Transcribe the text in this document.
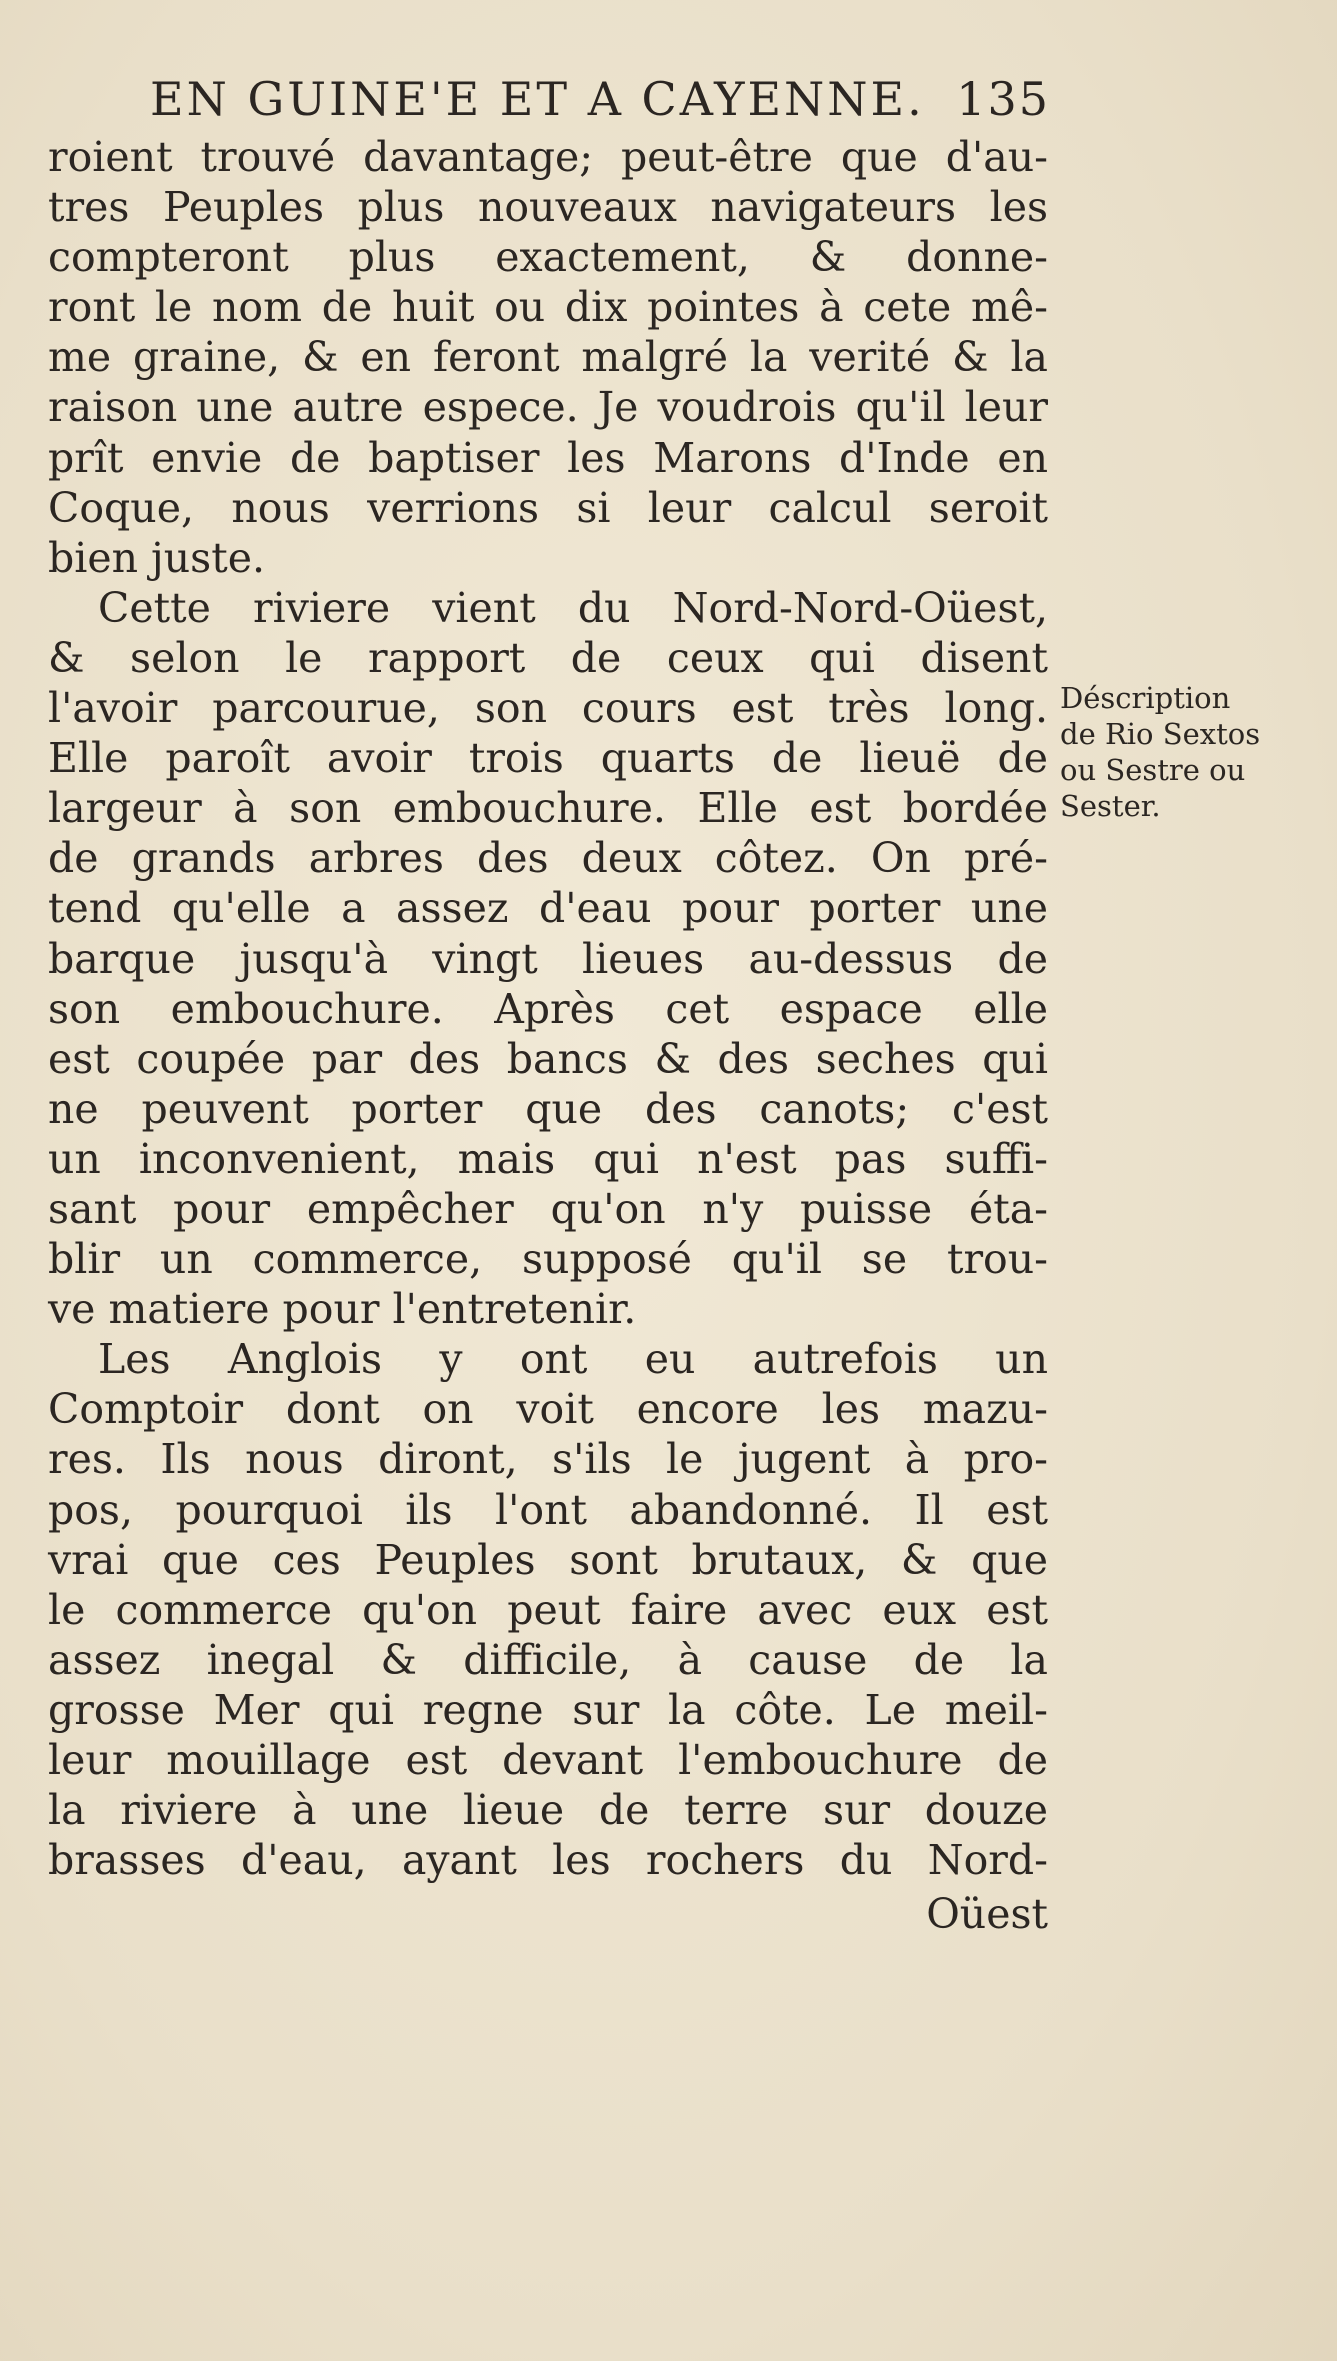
EN GUINE'E ET A CAYENNE. 135
roient trouvé davantage; peut-être que d'au-
tres Peuples plus nouveaux navigateurs les
compteront plus exactement, & donne-
ront le nom de huit ou dix pointes à cete mê-
me graine, & en feront malgré la verité & la
raison une autre espece. Je voudrois qu'il leur
prît envie de baptiser les Marons d'Inde en
Coque, nous verrions si leur calcul seroit
bien juste.
Cette riviere vient du Nord-Nord-Oüest,
& selon le rapport de ceux qui disent
l'avoir parcourue, son cours est très long.
Elle paroît avoir trois quarts de lieuë de
largeur à son embouchure. Elle est bordée
de grands arbres des deux côtez. On pré-
tend qu'elle a assez d'eau pour porter une
barque jusqu'à vingt lieues au-dessus de
son embouchure. Après cet espace elle
est coupée par des bancs & des seches qui
ne peuvent porter que des canots; c'est
un inconvenient, mais qui n'est pas suffi-
sant pour empêcher qu'on n'y puisse éta-
blir un commerce, supposé qu'il se trou-
ve matiere pour l'entretenir.
Les Anglois y ont eu autrefois un
Comptoir dont on voit encore les mazu-
res. Ils nous diront, s'ils le jugent à pro-
pos, pourquoi ils l'ont abandonné. Il est
vrai que ces Peuples sont brutaux, & que
le commerce qu'on peut faire avec eux est
assez inegal & difficile, à cause de la
grosse Mer qui regne sur la côte. Le meil-
leur mouillage est devant l'embouchure de
la riviere à une lieue de terre sur douze
brasses d'eau, ayant les rochers du Nord-
Oüest
Déscription
de Rio Sextos
ou Sestre ou
Sester.
